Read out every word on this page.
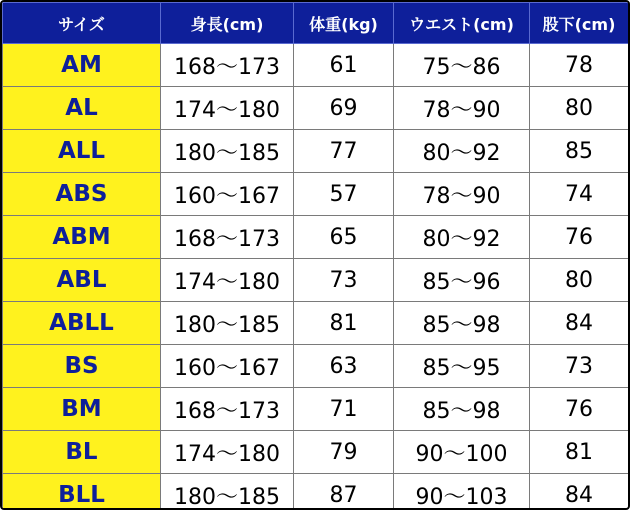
サイズ	身長(cm)	体重(kg)	ウエスト(cm)	股下(cm)
AM	168〜173	61	75〜86	78
AL	174〜180	69	78〜90	80
ALL	180〜185	77	80〜92	85
ABS	160〜167	57	78〜90	74
ABM	168〜173	65	80〜92	76
ABL	174〜180	73	85〜96	80
ABLL	180〜185	81	85〜98	84
BS	160〜167	63	85〜95	73
BM	168〜173	71	85〜98	76
BL	174〜180	79	90〜100	81
BLL	180〜185	87	90〜103	84
